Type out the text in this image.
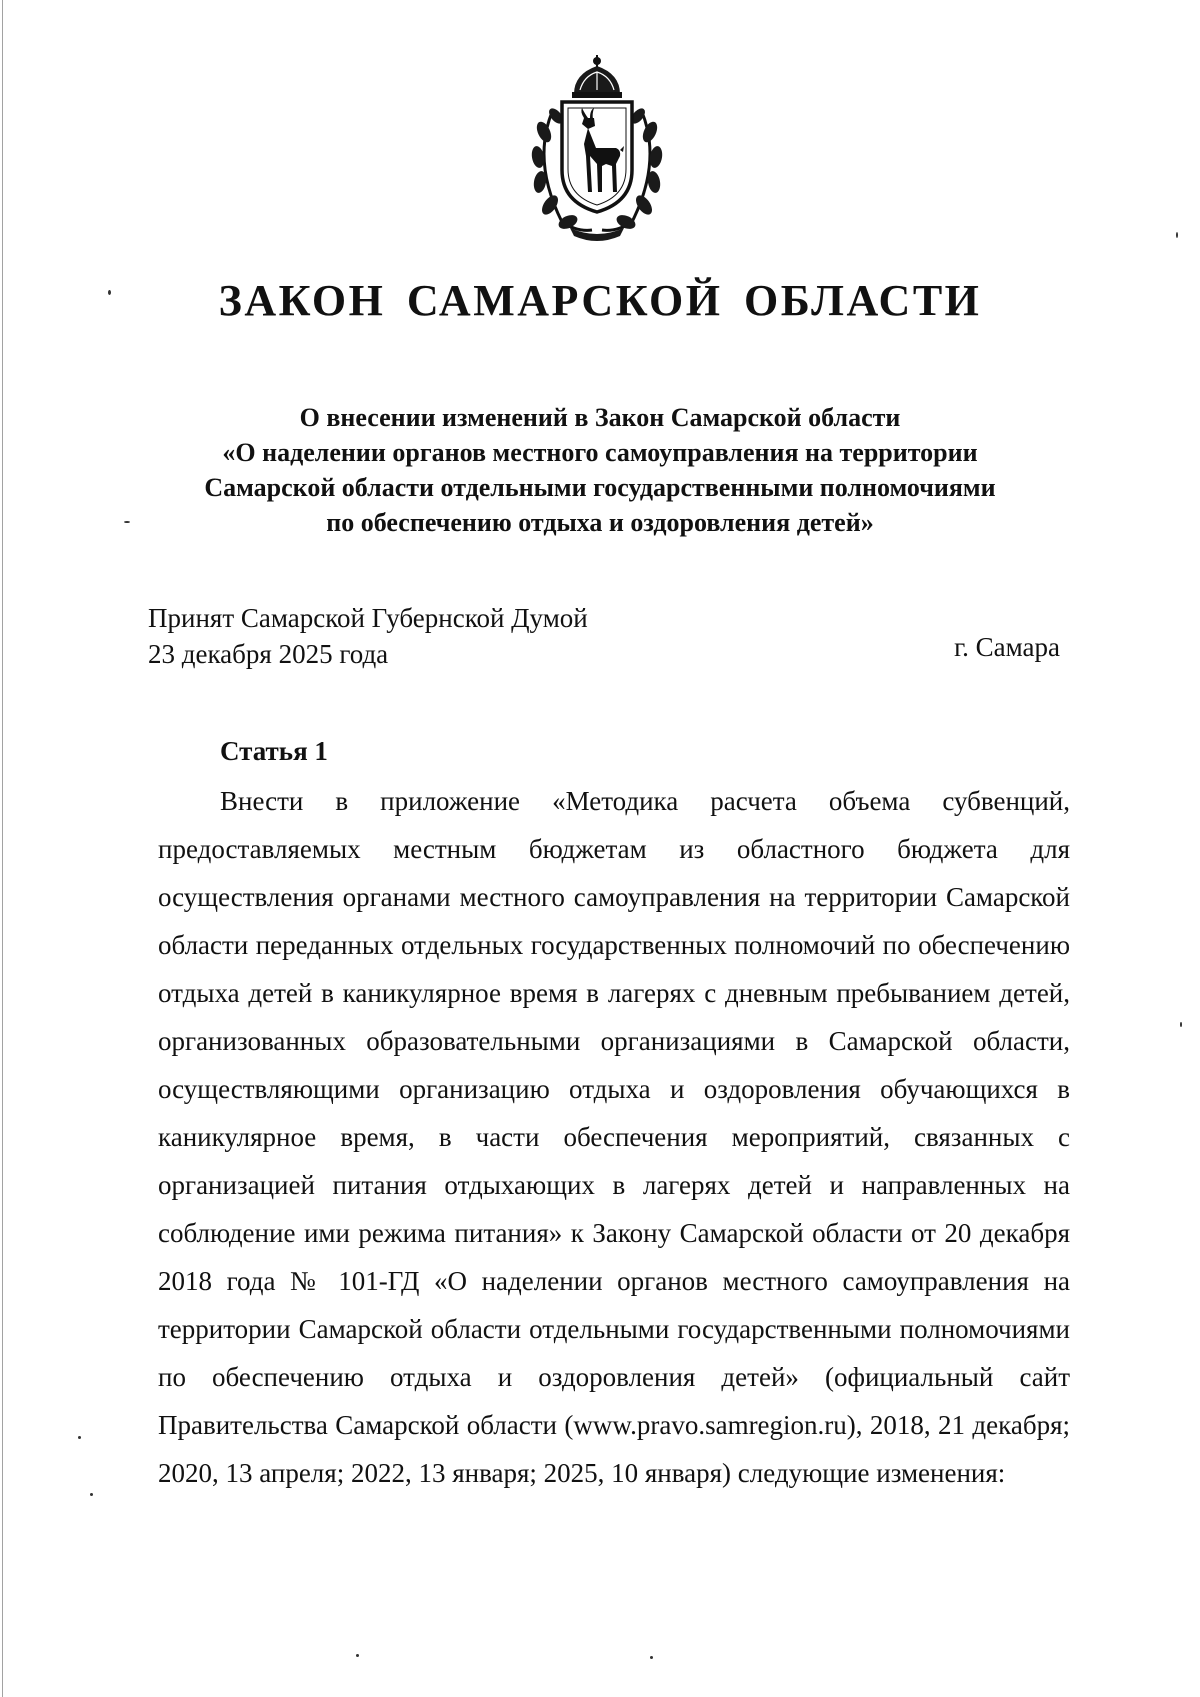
ЗАКОН САМАРСКОЙ ОБЛАСТИ
О внесении изменений в Закон Самарской области
«О наделении органов местного самоуправления на территории
Самарской области отдельными государственными полномочиями
по обеспечению отдыха и оздоровления детей»
Принят Самарской Губернской Думой
23 декабря 2025 года	г. Самара
Статья 1
Внести в приложение «Методика расчета объема субвенций, предоставляемых местным бюджетам из областного бюджета для осуществления органами местного самоуправления на территории Самарской области переданных отдельных государственных полномочий по обеспечению отдыха детей в каникулярное время в лагерях с дневным пребыванием детей, организованных образовательными организациями в Самарской области, осуществляющими организацию отдыха и оздоровления обучающихся в каникулярное время, в части обеспечения мероприятий, связанных с организацией питания отдыхающих в лагерях детей и направленных на соблюдение ими режима питания» к Закону Самарской области от 20 декабря 2018 года № 101-ГД «О наделении органов местного самоуправления на территории Самарской области отдельными государственными полномочиями по обеспечению отдыха и оздоровления детей» (официальный сайт Правительства Самарской области (www.pravo.samregion.ru), 2018, 21 декабря; 2020, 13 апреля; 2022, 13 января; 2025, 10 января) следующие изменения:
